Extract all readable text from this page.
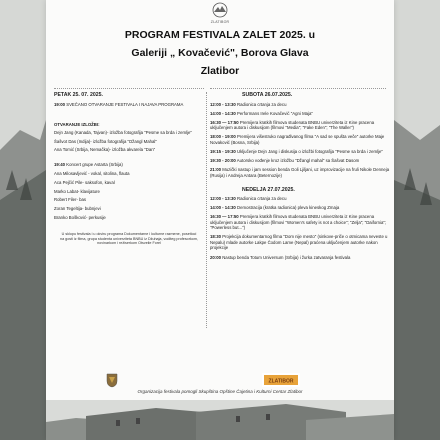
ZLATIBOR
PROGRAM FESTIVALA ZALET 2025. u
Galeriji „ Kovačević", Borova Glava
Zlatibor
PETAK 25. 07. 2025.
19:00 SVEČANO OTVARANJE FESTIVALA I NAJAVA PROGRAMA
OTVARANJE IZLOŽBI:
Dejn Jang (Kanada, Tajvan)- izložba fotografija "Pesme sa brda i zemlje"
Šašvot Das (Indija)- izložba fotografija "Džangl Mahal"
Ana Tomić (Srbija, Nemačka)- izložba akvarela "Dan"
19:40 Koncert grupe Astarta (Srbija)
Ana Milosavljević - vokal, sitolina, flauta
Aca Pejčić Pile- saksofon, kaval
Marko Labat- klavijature
Robert Filer- bas
Zoran Tegeltija- bubnjevi
Branko Bošković- perkusije
U sklopu festivala i u okviru programa Dokumentarne i kulturne razmene, posetioci na gosti iz filma, grupa studenta univerziteta BNBU iz Džuhaja, voditeg profesorkom, novinarkom i režiserkom Otsveile Forel
SUBOTA 26.07.2025.
12:00 - 13:30 Radionica crtanja za decu
14:00 - 14:30 Performans Irele Kovačević "Agni Maja"
16:30 — 17:50 Premijera kratkih filmova studenata BNBU univerziteta iz Kine pracena uključenjem autora i diskusijom (filmovi "Media"; "Fake Eden"; "The Waller")
18:00 - 19:00 Premijera višestruko nagrađivanog filma "A sad se spušta veče" autorke Maje Novaković (Bosna, Srbija)
19:15 - 19:30 Uključenje Dejn Jang i diskusija o izložbi fotografija "Pesme sa brda i zemlje"
19:30 - 20:00 Autorsko vođenje kroz izložbu "Džangl mahal" sa Šašvat Dasom
21:00 Muzički nastup i jam session benda Goli Ljiljani, uz improvizacije na fruli Nikole Denneja (Rusija) i Andreja Antara (Beternozije)
NEDELJA 27.07.2025.
12:00 - 13:30 Radionica crtanja za decu
14:00 - 14:30 Demostracija (kratka radionica) pleva kineskog Zmaja
16:30 — 17:50 Premijera kratkih filmova studenata BNBU univerziteta iz Kine pracena uključenjem autora i diskusijom (filmovi "Women's safety is not a choice"; "Zelja"; "Daifornia"; "Powerless but...")
18:30 Projekcija dokumentarnog filma "Dom nije mesto" (sinkove-priče o otmicama neveste u Nepalu) mlade autorke Lakpe Čodom Lame (Nepal) praćena uključenjem autorke nakon projekcije
20:00 Nastup benda Totum Universum (Srbija) i žurka zatvaranja festivala
ZLATIBOR
Organizacija festivala pomogli Skupština Opštine Čajetina i Kulturni Centar Zlatibor
